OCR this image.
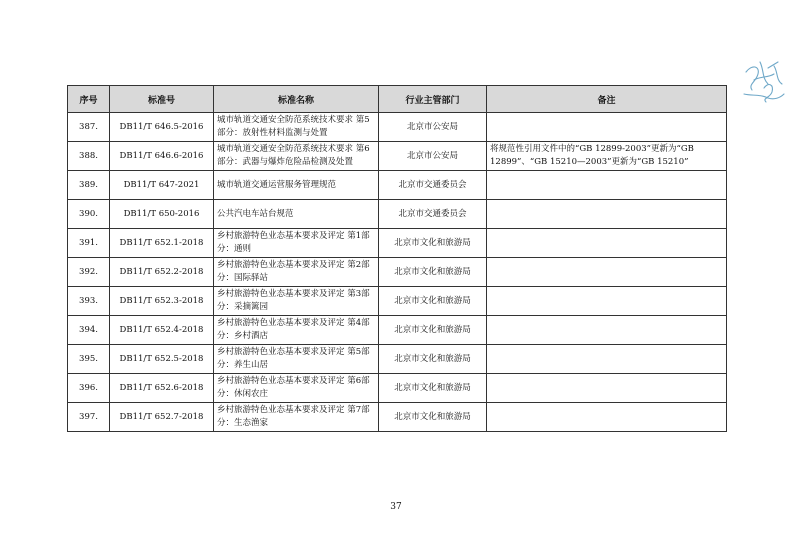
序号	标准号	标准名称	行业主管部门	备注
387.	DB11/T 646.5-2016	城市轨道交通安全防范系统技术要求 第5部分：放射性材料监测与处置	北京市公安局	
388.	DB11/T 646.6-2016	城市轨道交通安全防范系统技术要求 第6部分：武器与爆炸危险品检测及处置	北京市公安局	将规范性引用文件中的“GB 12899-2003”更新为“GB 12899”、“GB 15210—2003”更新为“GB 15210”
389.	DB11/T 647-2021	城市轨道交通运营服务管理规范	北京市交通委员会	
390.	DB11/T 650-2016	公共汽电车站台规范	北京市交通委员会	
391.	DB11/T 652.1-2018	乡村旅游特色业态基本要求及评定 第1部分：通则	北京市文化和旅游局	
392.	DB11/T 652.2-2018	乡村旅游特色业态基本要求及评定 第2部分：国际驿站	北京市文化和旅游局	
393.	DB11/T 652.3-2018	乡村旅游特色业态基本要求及评定 第3部分：采摘篱园	北京市文化和旅游局	
394.	DB11/T 652.4-2018	乡村旅游特色业态基本要求及评定 第4部分：乡村酒店	北京市文化和旅游局	
395.	DB11/T 652.5-2018	乡村旅游特色业态基本要求及评定 第5部分：养生山居	北京市文化和旅游局	
396.	DB11/T 652.6-2018	乡村旅游特色业态基本要求及评定 第6部分：休闲农庄	北京市文化和旅游局	
397.	DB11/T 652.7-2018	乡村旅游特色业态基本要求及评定 第7部分：生态渔家	北京市文化和旅游局	
37
